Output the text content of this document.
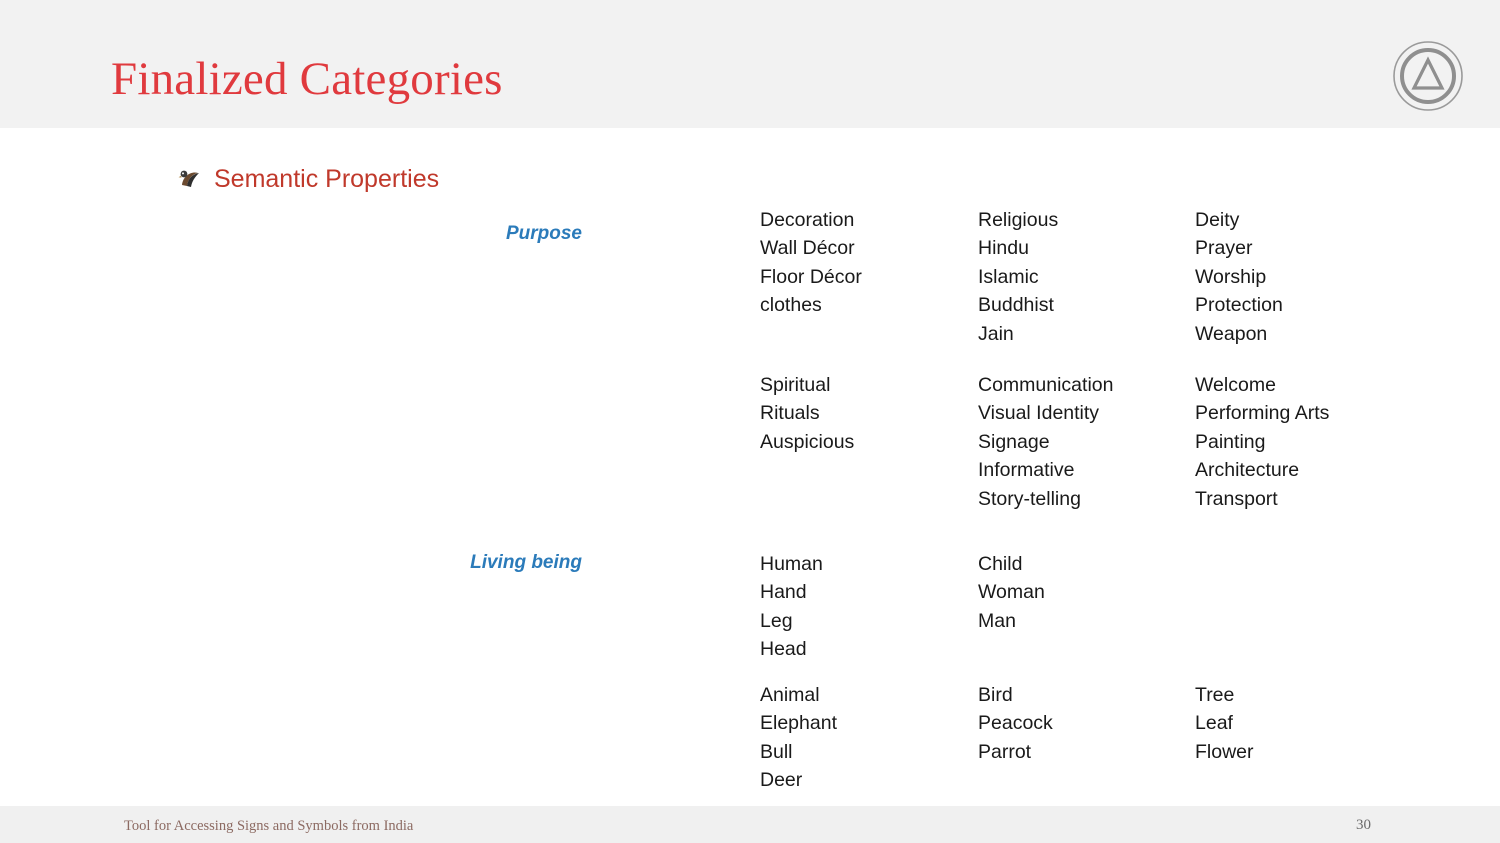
Finalized Categories
Semantic Properties
Purpose
Decoration
Wall Décor
Floor Décor
clothes
Religious
Hindu
Islamic
Buddhist
Jain
Deity
Prayer
Worship
Protection
Weapon
Spiritual
Rituals
Auspicious
Communication
Visual Identity
Signage
Informative
Story-telling
Welcome
Performing Arts
Painting
Architecture
Transport
Living being	Human
Hand
Leg
Head
Child
Woman
Man
Animal
Elephant
Bull
Deer
Bird
Peacock
Parrot
Tree
Leaf
Flower
Tool for Accessing Signs and Symbols from India	30
